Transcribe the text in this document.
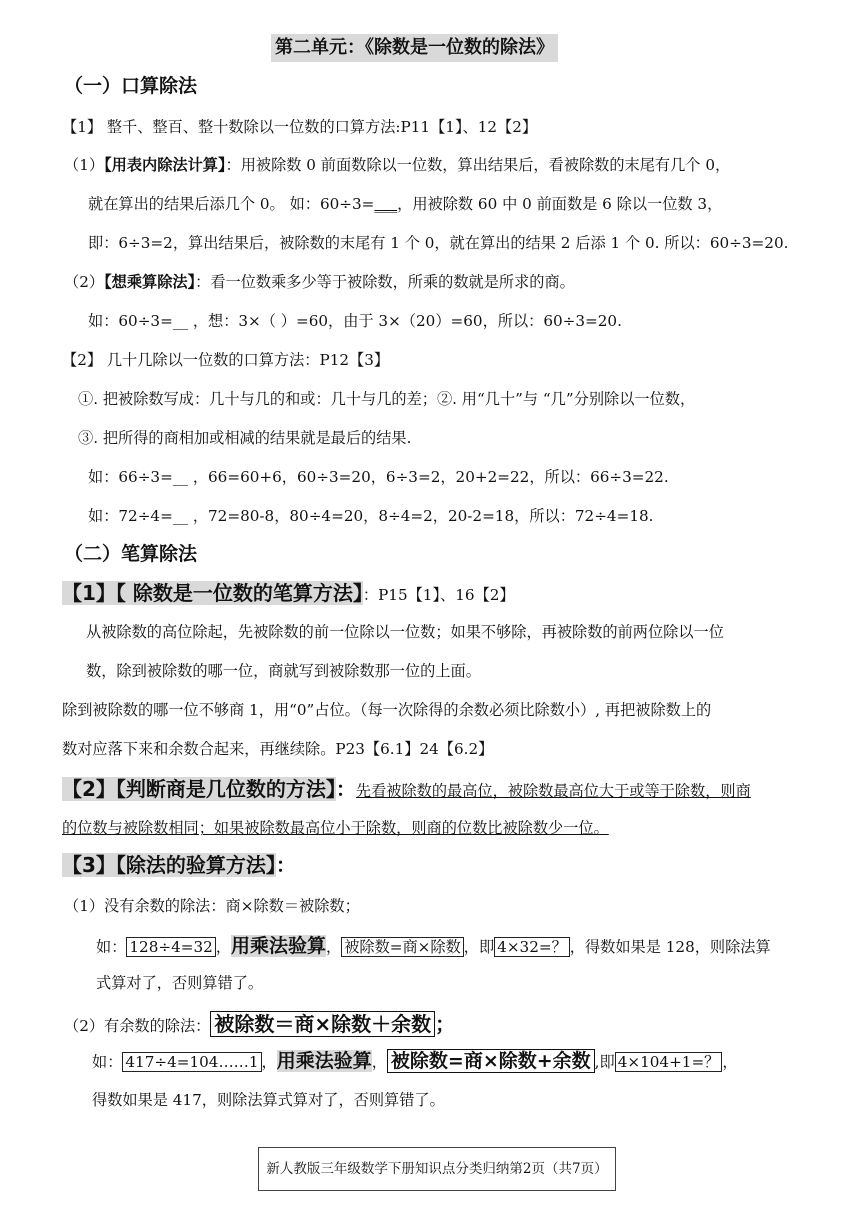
第二单元：《除数是一位数的除法》
（一）口算除法
【1】 整千、整百、整十数除以一位数的口算方法:P11【1】、12【2】
（1）【用表内除法计算】：用被除数 0 前面数除以一位数，算出结果后，看被除数的末尾有几个 0，
就在算出的结果后添几个 0。 如：60÷3=___，用被除数 60 中 0 前面数是 6 除以一位数 3，
即：6÷3=2，算出结果后，被除数的末尾有 1 个 0，就在算出的结果 2 后添 1 个 0. 所以：60÷3=20.
（2）【想乘算除法】：看一位数乘多少等于被除数，所乘的数就是所求的商。
如：60÷3=__ ，想：3×（ ）=60，由于 3×（20）=60，所以：60÷3=20.
【2】 几十几除以一位数的口算方法：P12【3】
①. 把被除数写成：几十与几的和或：几十与几的差；②. 用“几十”与 “几”分别除以一位数，
③. 把所得的商相加或相减的结果就是最后的结果.
如：66÷3=__ ，66=60+6，60÷3=20，6÷3=2，20+2=22，所以：66÷3=22.
如：72÷4=__ ，72=80-8，80÷4=20，8÷4=2，20-2=18，所以：72÷4=18.
（二）笔算除法
【1】【 除数是一位数的笔算方法】：P15【1】、16【2】
从被除数的高位除起，先被除数的前一位除以一位数；如果不够除，再被除数的前两位除以一位
数，除到被除数的哪一位，商就写到被除数那一位的上面。
除到被除数的哪一位不够商 1，用“0”占位。（每一次除得的余数必须比除数小）, 再把被除数上的
数对应落下来和余数合起来，再继续除。P23【6.1】24【6.2】
【2】【判断商是几位数的方法】：先看被除数的最高位，被除数最高位大于或等于除数，则商
的位数与被除数相同；如果被除数最高位小于除数，则商的位数比被除数少一位。
【3】【除法的验算方法】：
（1）没有余数的除法：商×除数＝被除数；
如： 128÷4=32 ，用乘法验算， 被除数=商×除数 ，即 4×32=？ ，得数如果是 128，则除法算
式算对了，否则算错了。
（2）有余数的除法： 被除数＝商×除数＋余数 ；
如： 417÷4=104……1 ，用乘法验算， 被除数=商×除数+余数 ,即 4×104+1=？ ，
得数如果是 417，则除法算式算对了，否则算错了。
新人教版三年级数学下册知识点分类归纳第2页（共7页）
